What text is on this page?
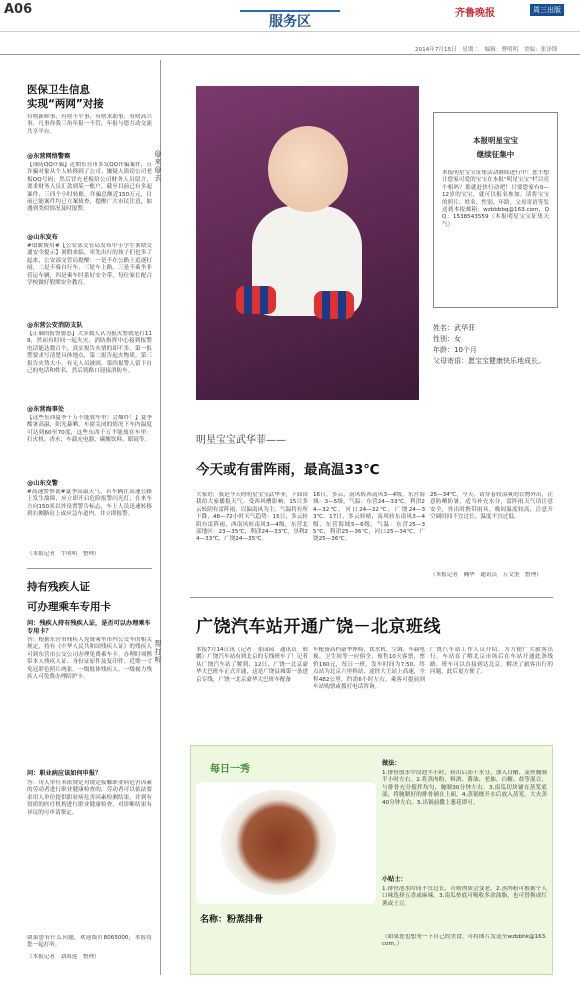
A06
服务区
齐鲁晚报	周三出版
2014年7月15日　星期二　编辑：曹明明　美编：张泽锋
医保卫生信息
实现“两网”对接
有啥新鲜事，有啥不平事，有啥求助事，有啥高兴事，凡事你我三角年报一不管，年报与您互动交流共享平台。
@东营网络警察
【谨防QQ诈骗】近期东营市多发QQ诈骗案件，且诈骗对象从个人转移到了公司。嫌疑人盗窃公司老板QQ号码，然后冒充老板给公司财务人员留言，要求财务人员汇款到某一账户，截至目前已有多起案件，三四个小时转账，诈骗总额近150万元，目前已能案件均已立案侦查，提醒广大市民注意，如遇到类似情况及时报警。
@山东发布
#取暖费用#【公安部交管局发布中小学生暑期交通安全提示】暑假来临，率先出行的孩子们也多了起来，公安部交管局提醒：一是不在公路上追逐打闹，二是不骑自行车、三轮车上路，三是不乘坐非营运车辆，四是乘车时系好安全带，每位家长配合学校做好假期安全教育。
@东营公安消防支队
【正确的报警姿态】大多数人认为报火警就是打119，然而有时同一起火灾，消防指挥中心接到报警电话能达数百个，真实报告火情的却不多。第一报警要求写清楚具体地点，第二报告起火物质，第三报告火势大小、有无人员被困，第四报警人留下自己的电话和姓名，然后到路口迎接消防车。
@东营海事处
【这些东西夏季千万不能放车里！会爆炸！】夏季酷暑高温，阳光暴晒，车窗关闭的情况下车内温度可达到60至70度，这些东西千万不能放在车里：打火机、香水、车载充电器、碳酸饮料、眼镜等。
@山东交警
#高速警察说#夏季高温天气，若车辆在高速公路上发生故障，应立即开启危险报警闪光灯，在来车方向150米以外设置警告标志，车上人员迅速转移到右侧路肩上或应急车道内，并立即报警。
（本报记者　牛明明　整理）
持有残疾人证
可办理乘车专用卡
问：残疾人持有残疾人证，是否可以办理乘车专用卡？
答：根据东营市残疾人免费乘坐市内公交车的相关规定，持有《中华人民共和国残疾人证》的残疾人可到东营市公交公司办理免费乘车卡，办理时须携带本人残疾人证、身份证原件及复印件、近期一寸免冠彩色照片两张。一级肢体残疾人、一级视力残疾人可免费办理陪护卡。
问：职业病应该如何申报？
答：用人单位未依规定对规定接触职业病危害因素的劳动者进行职业健康检查的，劳动者可以依法要求用人单位提供职业病危害因素检测结果，并到有资质的医疗机构进行职业健康检查，对诊断结果有异议的可申请鉴定。
如果您有什么问题，欢迎拨打8065000，本报将您一起打听。
（本报记者　刘海莲　整理）
@ 来 @ 去
帮 打 听
本报明星宝宝
继续征集中
本报明星宝宝征集活动继续进行中！您不想让您家可爱的宝宝在本报“明星宝宝”栏目亮个相吗？那就赶快行动吧！只要您家有0—12岁的宝宝，就可以报名参加。请将宝宝的照片、姓名、性别、年龄、父母寄语等发送到本报邮箱：wzbbbbq@163.com，QQ：1538543559（本报明星宝宝征集天气）
姓名：武华菲
性别：女
年龄：10个月
父母寄语：愿宝宝健康快乐地成长。
明星宝宝武华菲——
今天或有雷阵雨，最高温33℃
大家好，我是今天的明星宝宝武华菲，下面由我给大家播报天气。受西风槽影响，15日多云转阴有雷阵雨，以偏南风为主，气温将有所下降，48—72小时天气趋势：15日，多云转阴有雷阵雨，西南风转南风3—4级，东营北部地区：23—35℃，利津24—33℃，垦利24—33℃，广饶24—35℃。
16日，多云，南风转西南风3—4级，东营海域：3—5级，气温：东营24—33℃，利津24—32℃，河口24—32℃，广饶24—33℃。17日，多云转晴，南风转东南风3—4级，东营海域5—6级，气温：东营25—35℃，利津25—36℃，河口25—34℃，广饶25—36℃。
25—34℃。今天，请穿着较凉爽的衣物外出，注意防晒防暑，适当补充水分，雷阵雨天气请注意安全，外出时携带雨具。晚间温度较高，注意开空调时间不宜过长，温度不宜过低。
（本报记者　鞠华　通讯员　万文奎　整理）
广饶汽车站开通广饶－北京班线
本报7月14日讯（记者　张园园　通讯员　邢鹏）广饶汽车站有到北京的专线班车了！记者从广饶汽车站了解到，12日，广饶一北京豪华大巴班车正式开通，这是广饶县城第一条进京专线，广饶一北京豪华大巴班车配备
车配备高档豪华座椅，饮水机、空调、车载电视、卫生间等一应俱全，预售10天客票，票价160元，每日一班，发车时间为7:50，终点站为北京六里桥站，途经大王站上高速，全程482公里，约需6小时左右。乘客可提前到车站购票或拨打电话咨询。
广饶汽车站工作人员介绍，为方便广大旅客出行，车站在了解北京市场后在车站开通此条线路，班车可以直接到达北京，解决了旅客出行的问题，此后更方便了。
每日一秀
名称：粉蒸排骨
做法：
1.排骨放水中浸泡半小时，捞出后沥干水分，加入白醋、姜丝腌制半小时左右。2.将蒸肉粉、料酒、酱油、老抽、白糖、盐等混合，与排骨充分搅拌均匀，腌制30分钟左右。3.南瓜切块铺在蒸笼底部，将腌制好的排骨铺在上面。4.蒸锅烧开水后放入蒸笼，大火蒸40分钟左右。5.出锅前撒上葱花即可。
小贴士：
1.排骨泡水时间不宜过长，否则肉质会变老。2.蒸肉粉可根据个人口味选择五香或麻辣。3.南瓜垫底可吸收多余油脂，也可替换成红薯或土豆。
（如果您也想秀一下自己的美食，可将图片发送至wzbbhk@163.com。）
